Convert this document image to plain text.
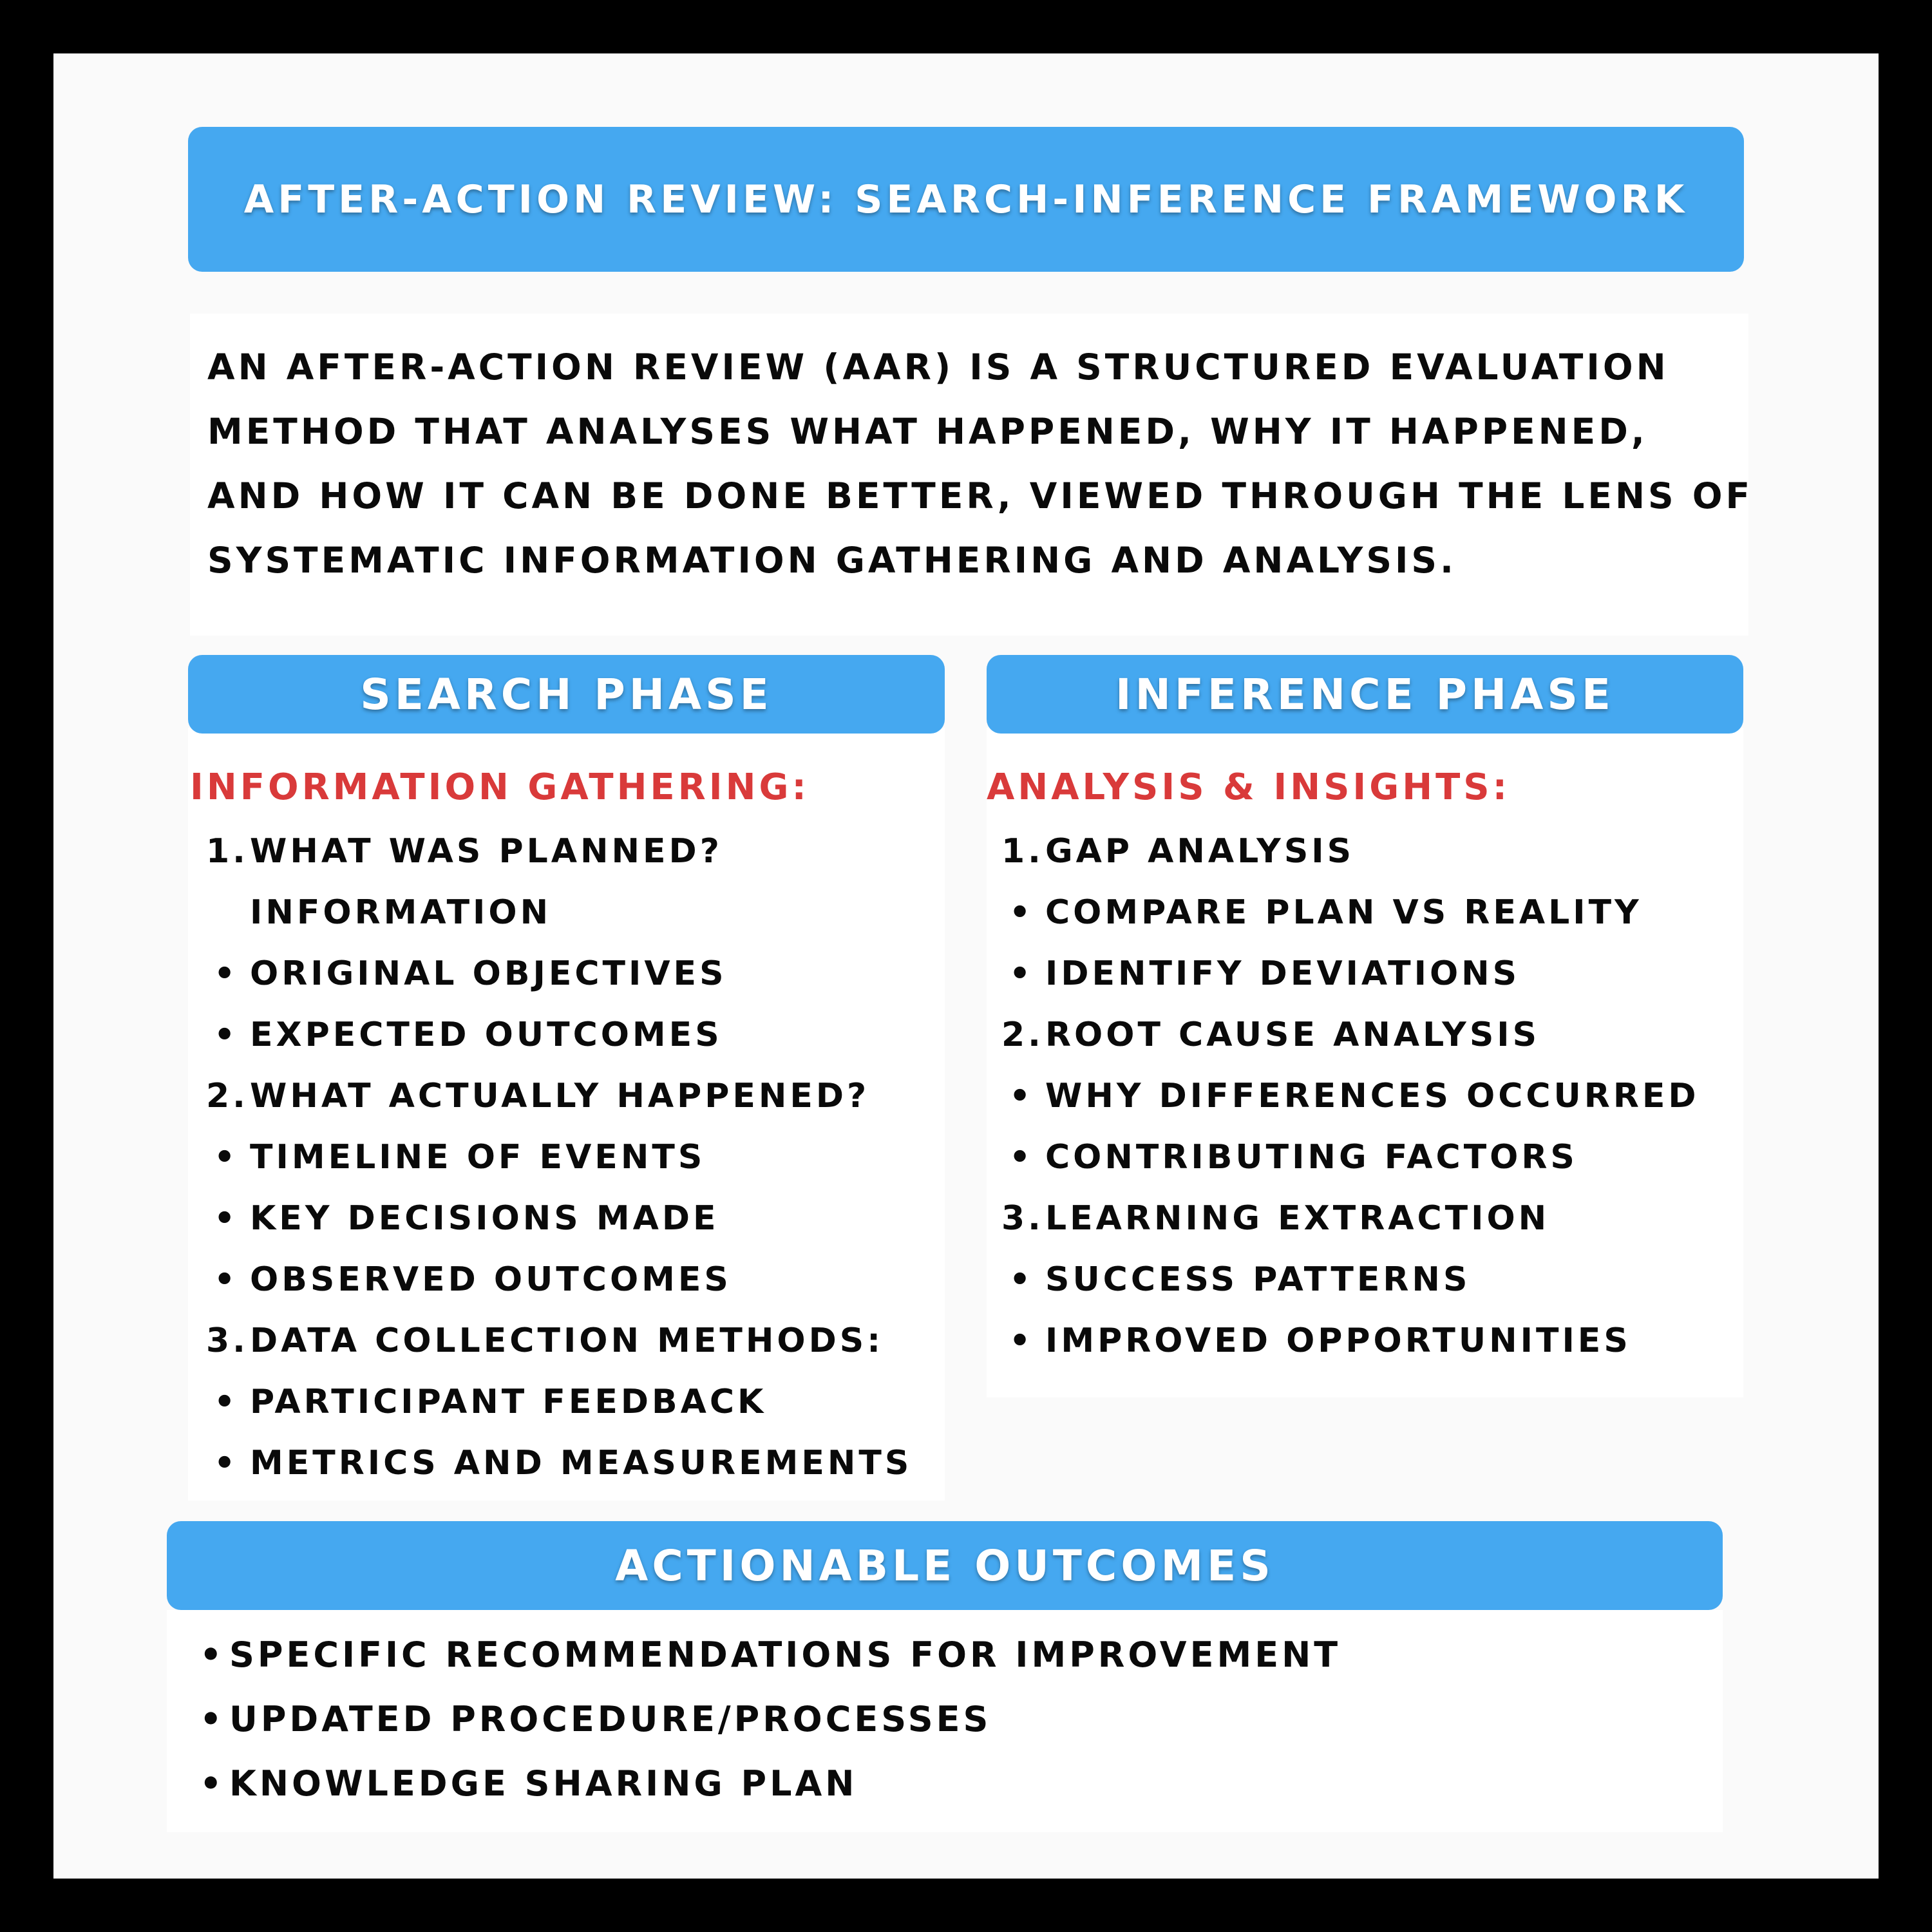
AFTER-ACTION REVIEW: SEARCH-INFERENCE FRAMEWORK
AN AFTER-ACTION REVIEW (AAR) IS A STRUCTURED EVALUATION
METHOD THAT ANALYSES WHAT HAPPENED, WHY IT HAPPENED,
AND HOW IT CAN BE DONE BETTER, VIEWED THROUGH THE LENS OF
SYSTEMATIC INFORMATION GATHERING AND ANALYSIS.
SEARCH PHASE
INFORMATION GATHERING:
1. WHAT WAS PLANNED?
INFORMATION
• ORIGINAL OBJECTIVES
• EXPECTED OUTCOMES
2. WHAT ACTUALLY HAPPENED?
• TIMELINE OF EVENTS
• KEY DECISIONS MADE
• OBSERVED OUTCOMES
3. DATA COLLECTION METHODS:
• PARTICIPANT FEEDBACK
• METRICS AND MEASUREMENTS
INFERENCE PHASE
ANALYSIS & INSIGHTS:
1. GAP ANALYSIS
• COMPARE PLAN VS REALITY
• IDENTIFY DEVIATIONS
2. ROOT CAUSE ANALYSIS
• WHY DIFFERENCES OCCURRED
• CONTRIBUTING FACTORS
3. LEARNING EXTRACTION
• SUCCESS PATTERNS
• IMPROVED OPPORTUNITIES
ACTIONABLE OUTCOMES
• SPECIFIC RECOMMENDATIONS FOR IMPROVEMENT
• UPDATED PROCEDURE/PROCESSES
• KNOWLEDGE SHARING PLAN
